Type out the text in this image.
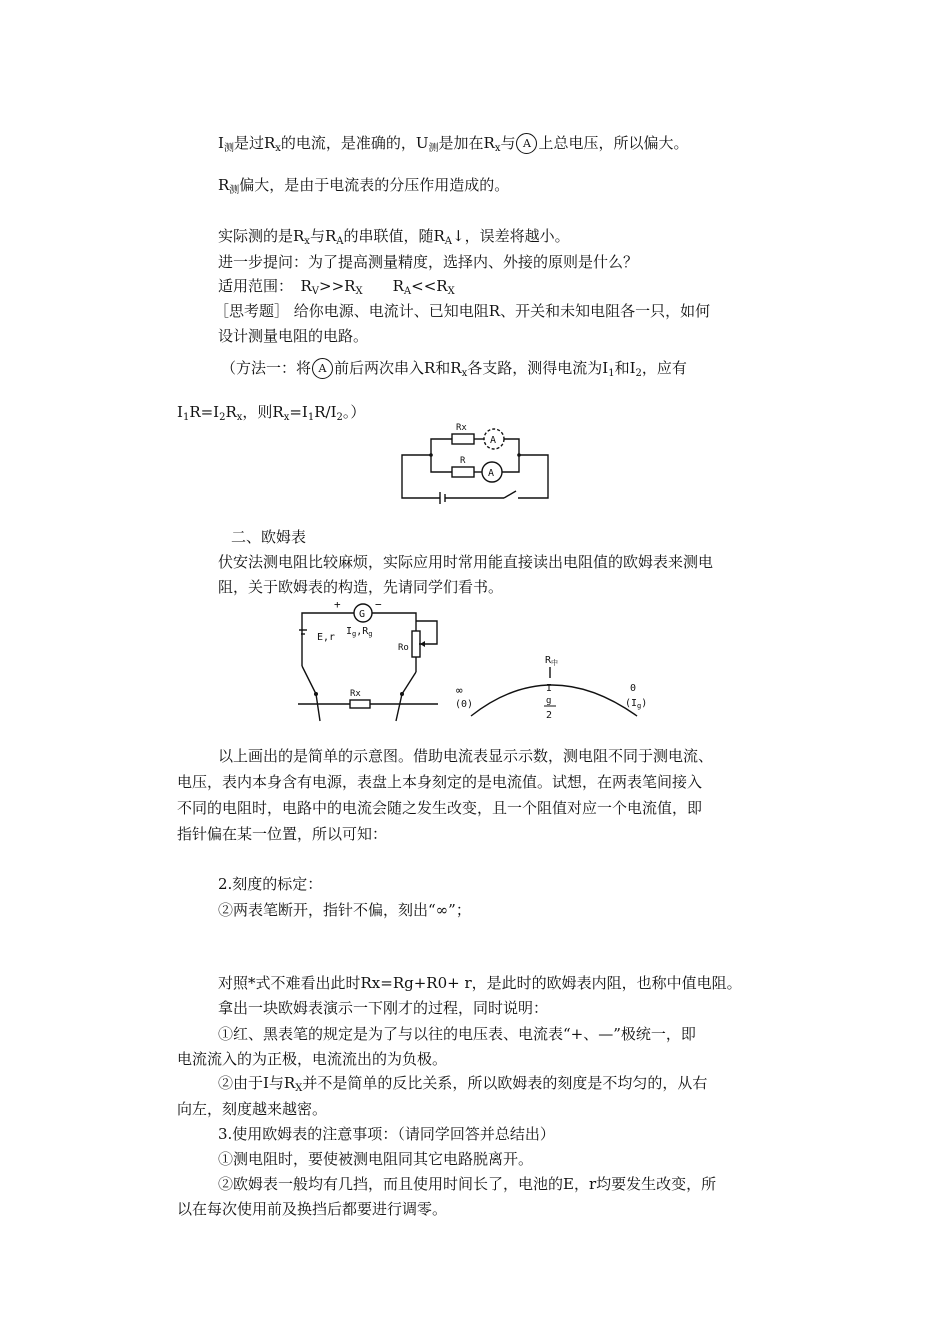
$I_测$是过$R_x$的电流，是准确的，$U_测$是加在$R_x$与 A 上总电压，所以偏大。
$R_测$偏大，是由于电流表的分压作用造成的。
实际测的是$R_x$与$R_A$的串联值，随$R_A↓$，误差将越小。
进一步提问：为了提高测量精度，选择内、外接的原则是什么？
适用范围：　$R_V>>R_X$　　$R_A<<R_X$
［思考题］ 给你电源、电流计、已知电阻R、开关和未知电阻各一只，如何
设计测量电阻的电路。
（方法一：将 A 前后两次串入R和$R_x$各支路，测得电流为$I_1$和$I_2$，应有
$I_1R=I_2R_x$，则$R_x=I_1R/I_2$。）
Rx
R
A
A
二、欧姆表
伏安法测电阻比较麻烦，实际应用时常用能直接读出电阻值的欧姆表来测电
阻，关于欧姆表的构造，先请同学们看书。
+	−
G
$I_g,R_g$
E,r
Ro
Rx
$R_中$
I
g
2
∞
(0)
0
$(I_g)$
以上画出的是简单的示意图。借助电流表显示示数，测电阻不同于测电流、
电压，表内本身含有电源，表盘上本身刻定的是电流值。试想，在两表笔间接入
不同的电阻时，电路中的电流会随之发生改变，且一个阻值对应一个电流值，即
指针偏在某一位置，所以可知：
2.刻度的标定：
②两表笔断开，指针不偏，刻出“∞”；
对照*式不难看出此时Rx=Rg+R0+ r，是此时的欧姆表内阻，也称中值电阻。
拿出一块欧姆表演示一下刚才的过程，同时说明：
①红、黑表笔的规定是为了与以往的电压表、电流表“+、—”极统一，即
电流流入的为正极，电流流出的为负极。
②由于I与$R_X$并不是简单的反比关系，所以欧姆表的刻度是不均匀的，从右
向左，刻度越来越密。
3.使用欧姆表的注意事项：（请同学回答并总结出）
①测电阻时，要使被测电阻同其它电路脱离开。
②欧姆表一般均有几挡，而且使用时间长了，电池的E，r均要发生改变，所
以在每次使用前及换挡后都要进行调零。
